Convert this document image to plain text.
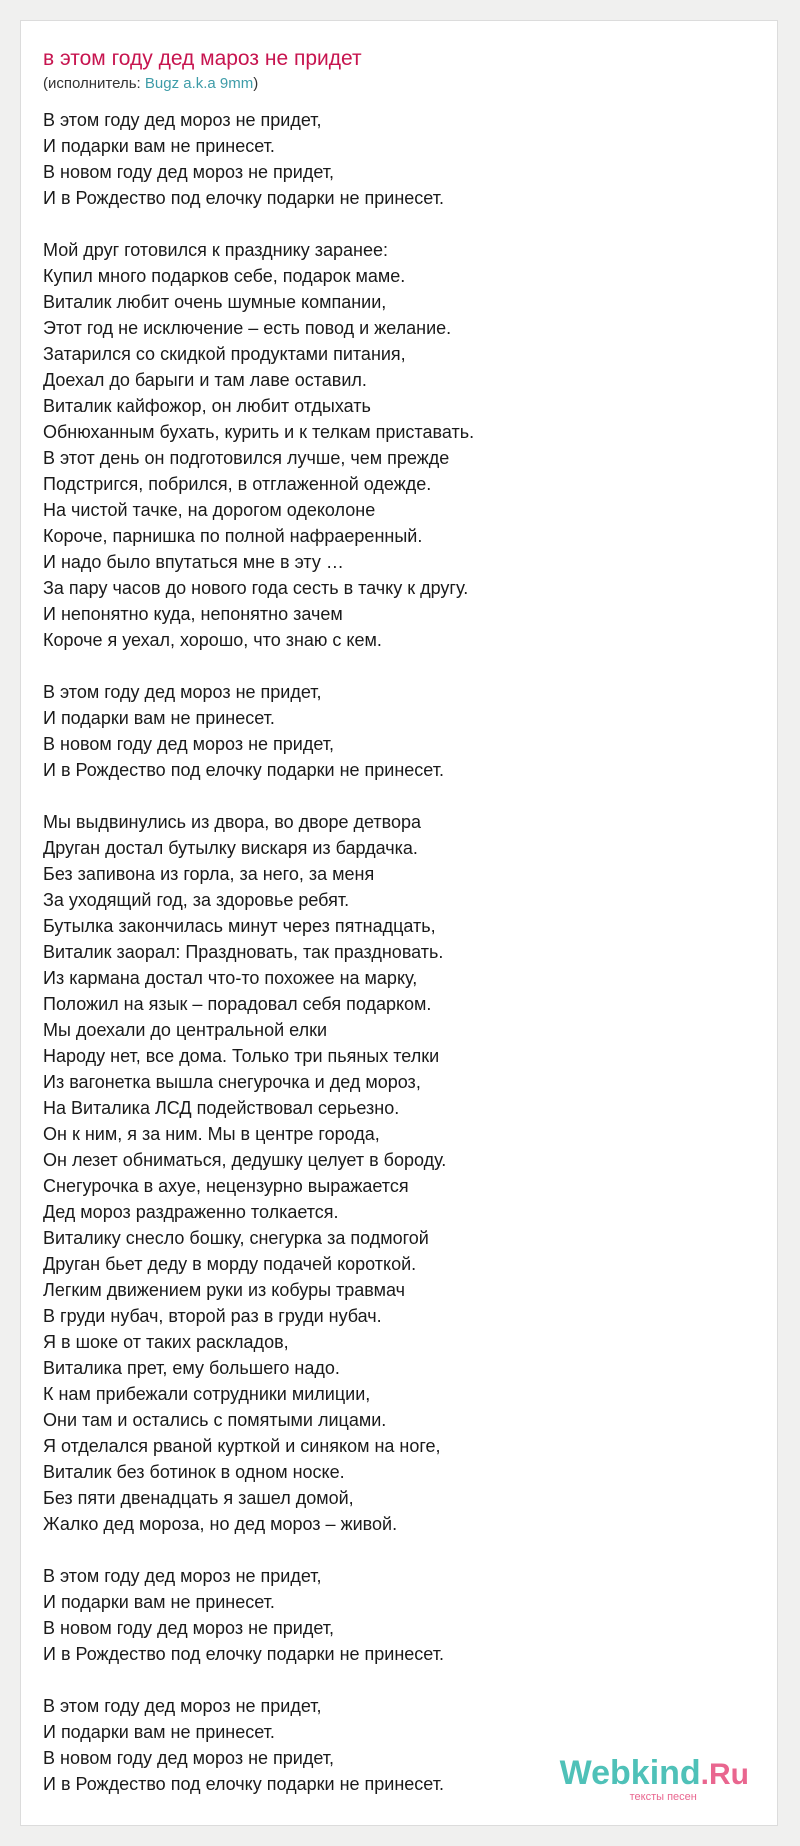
в этом году дед мароз не придет
(исполнитель: Bugz a.k.a 9mm)
В этом году дед мороз не придет,
И подарки вам не принесет.
В новом году дед мороз не придет,
И в Рождество под елочку подарки не принесет.
Мой друг готовился к празднику заранее:
Купил много подарков себе, подарок маме.
Виталик любит очень шумные компании,
Этот год не исключение – есть повод и желание.
Затарился со скидкой продуктами питания,
Доехал до барыги и там лаве оставил.
Виталик кайфожор, он любит отдыхать
Обнюханным бухать, курить и к телкам приставать.
В этот день он подготовился лучше, чем прежде
Подстригся, побрился, в отглаженной одежде.
На чистой тачке, на дорогом одеколоне
Короче, парнишка по полной нафраеренный.
И надо было впутаться мне в эту …
За пару часов до нового года сесть в тачку к другу.
И непонятно куда, непонятно зачем
Короче я уехал, хорошо, что знаю с кем.
В этом году дед мороз не придет,
И подарки вам не принесет.
В новом году дед мороз не придет,
И в Рождество под елочку подарки не принесет.
Мы выдвинулись из двора, во дворе детвора
Друган достал бутылку вискаря из бардачка.
Без запивона из горла, за него, за меня
За уходящий год, за здоровье ребят.
Бутылка закончилась минут через пятнадцать,
Виталик заорал: Праздновать, так праздновать.
Из кармана достал что-то похожее на марку,
Положил на язык – порадовал себя подарком.
Мы доехали до центральной елки
Народу нет, все дома. Только три пьяных телки
Из вагонетка вышла снегурочка и дед мороз,
На Виталика ЛСД подействовал серьезно.
Он к ним, я за ним. Мы в центре города,
Он лезет обниматься, дедушку целует в бороду.
Снегурочка в ахуе, нецензурно выражается
Дед мороз раздраженно толкается.
Виталику снесло бошку, снегурка за подмогой
Друган бьет деду в морду подачей короткой.
Легким движением руки из кобуры травмач
В груди нубач, второй раз в груди нубач.
Я в шоке от таких раскладов,
Виталика прет, ему большего надо.
К нам прибежали сотрудники милиции,
Они там и остались с помятыми лицами.
Я отделался рваной курткой и синяком на ноге,
Виталик без ботинок в одном носке.
Без пяти двенадцать я зашел домой,
Жалко дед мороза, но дед мороз – живой.
В этом году дед мороз не придет,
И подарки вам не принесет.
В новом году дед мороз не придет,
И в Рождество под елочку подарки не принесет.
В этом году дед мороз не придет,
И подарки вам не принесет.
В новом году дед мороз не придет,
И в Рождество под елочку подарки не принесет.	Webkind.Ru
тексты песен
